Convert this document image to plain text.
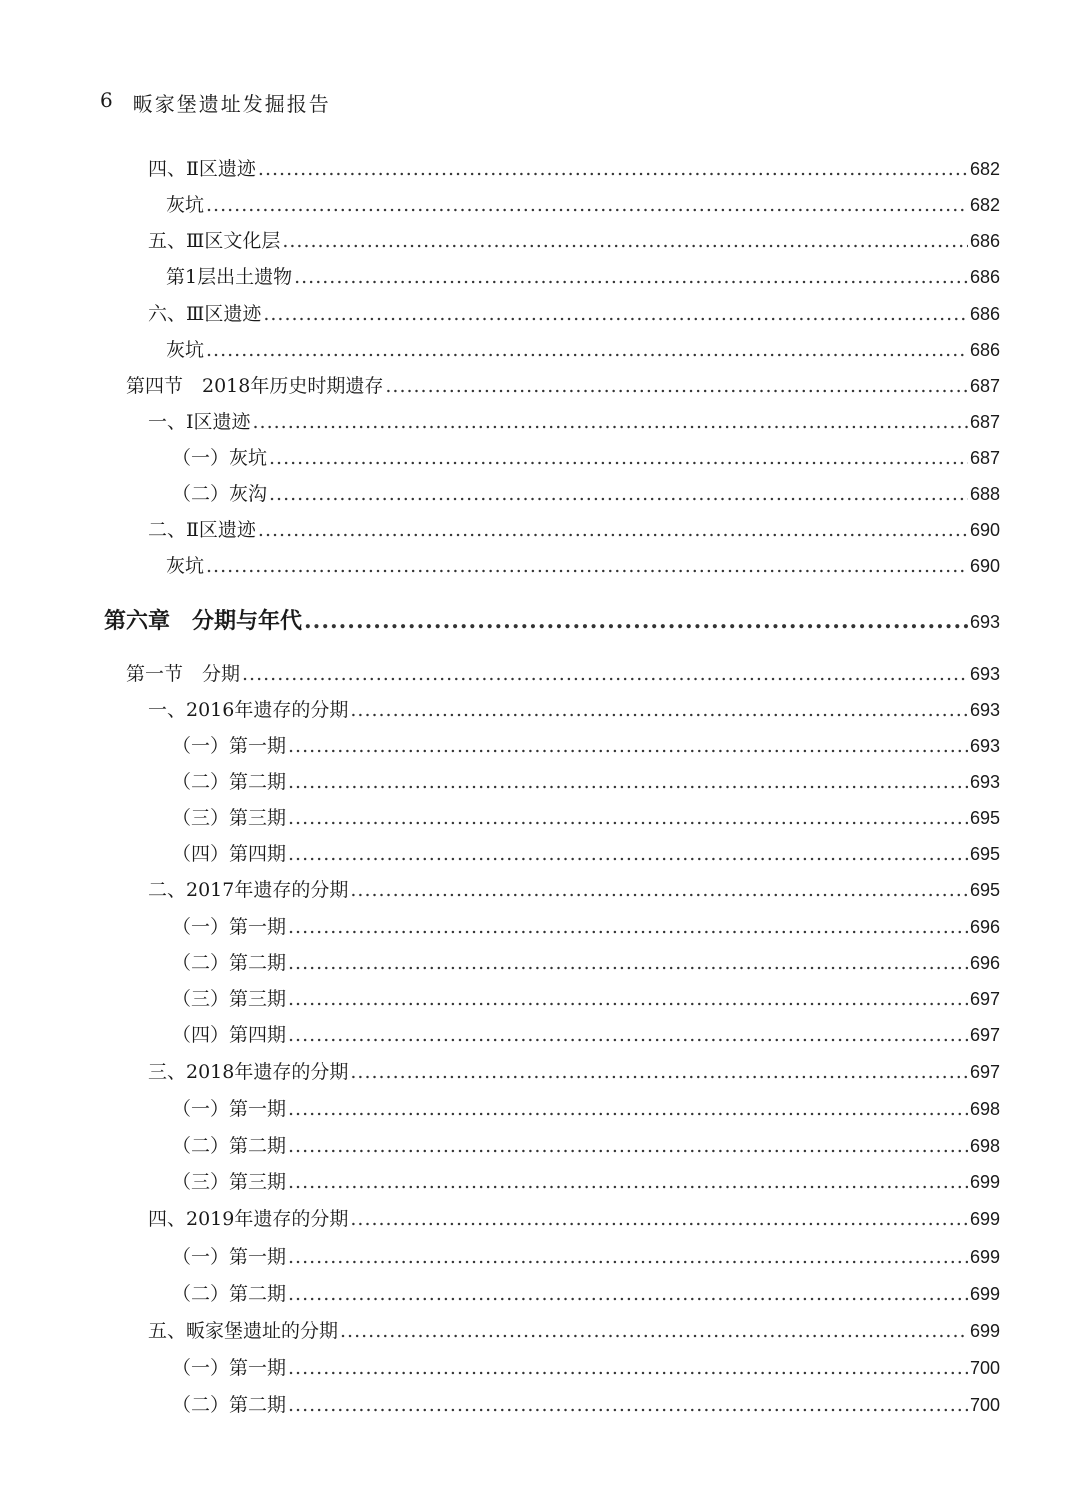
6 畈家堡遗址发掘报告
四、Ⅱ区遗迹 .....	682
灰坑 .....	682
五、Ⅲ区文化层 .....	686
第1层出土遗物 .....	686
六、Ⅲ区遗迹 .....	686
灰坑 .....	686
第四节　2018年历史时期遗存 .....	687
一、Ⅰ区遗迹 .....	687
（一）灰坑 .....	687
（二）灰沟 .....	688
二、Ⅱ区遗迹 .....	690
灰坑 .....	690
第六章　分期与年代 .....	693
第一节　分期 .....	693
一、2016年遗存的分期 .....	693
（一）第一期 .....	693
（二）第二期 .....	693
（三）第三期 .....	695
（四）第四期 .....	695
二、2017年遗存的分期 .....	695
（一）第一期 .....	696
（二）第二期 .....	696
（三）第三期 .....	697
（四）第四期 .....	697
三、2018年遗存的分期 .....	697
（一）第一期 .....	698
（二）第二期 .....	698
（三）第三期 .....	699
四、2019年遗存的分期 .....	699
（一）第一期 .....	699
（二）第二期 .....	699
五、畈家堡遗址的分期 .....	699
（一）第一期 .....	700
（二）第二期 .....	700
